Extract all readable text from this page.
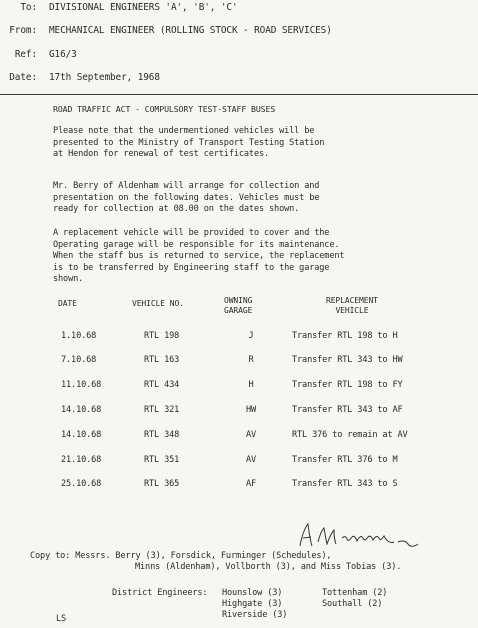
To: DIVISIONAL ENGINEERS 'A', 'B', 'C'
From: MECHANICAL ENGINEER (ROLLING STOCK - ROAD SERVICES)
Ref: G16/3
Date: 17th September, 1968
ROAD TRAFFIC ACT - COMPULSORY TEST-STAFF BUSES
Please note that the undermentioned vehicles will be
presented to the Ministry of Transport Testing Station
at Hendon for renewal of test certificates.
Mr. Berry of Aldenham will arrange for collection and
presentation on the following dates. Vehicles must be
ready for collection at 08.00 on the dates shown.
A replacement vehicle will be provided to cover and the
Operating garage will be responsible for its maintenance.
When the staff bus is returned to service, the replacement
is to be transferred by Engineering staff to the garage
shown.
DATE	VEHICLE NO.	OWNING
GARAGE
REPLACEMENT
VEHICLE
1.10.68	RTL 198	J	Transfer RTL 198 to H
7.10.68	RTL 163	R	Transfer RTL 343 to HW
11.10.68	RTL 434	H	Transfer RTL 198 to FY
14.10.68	RTL 321	HW	Transfer RTL 343 to AF
14.10.68	RTL 348	AV	RTL 376 to remain at AV
21.10.68	RTL 351	AV	Transfer RTL 376 to M
25.10.68	RTL 365	AF	Transfer RTL 343 to S
Copy to: Messrs. Berry (3), Forsdick, Furminger (Schedules),
Minns (Aldenham), Vollborth (3), and Miss Tobias (3).
District Engineers: Hounslow (3)
Highgate (3)
Riverside (3)
Tottenham (2)
Southall (2)
LS
